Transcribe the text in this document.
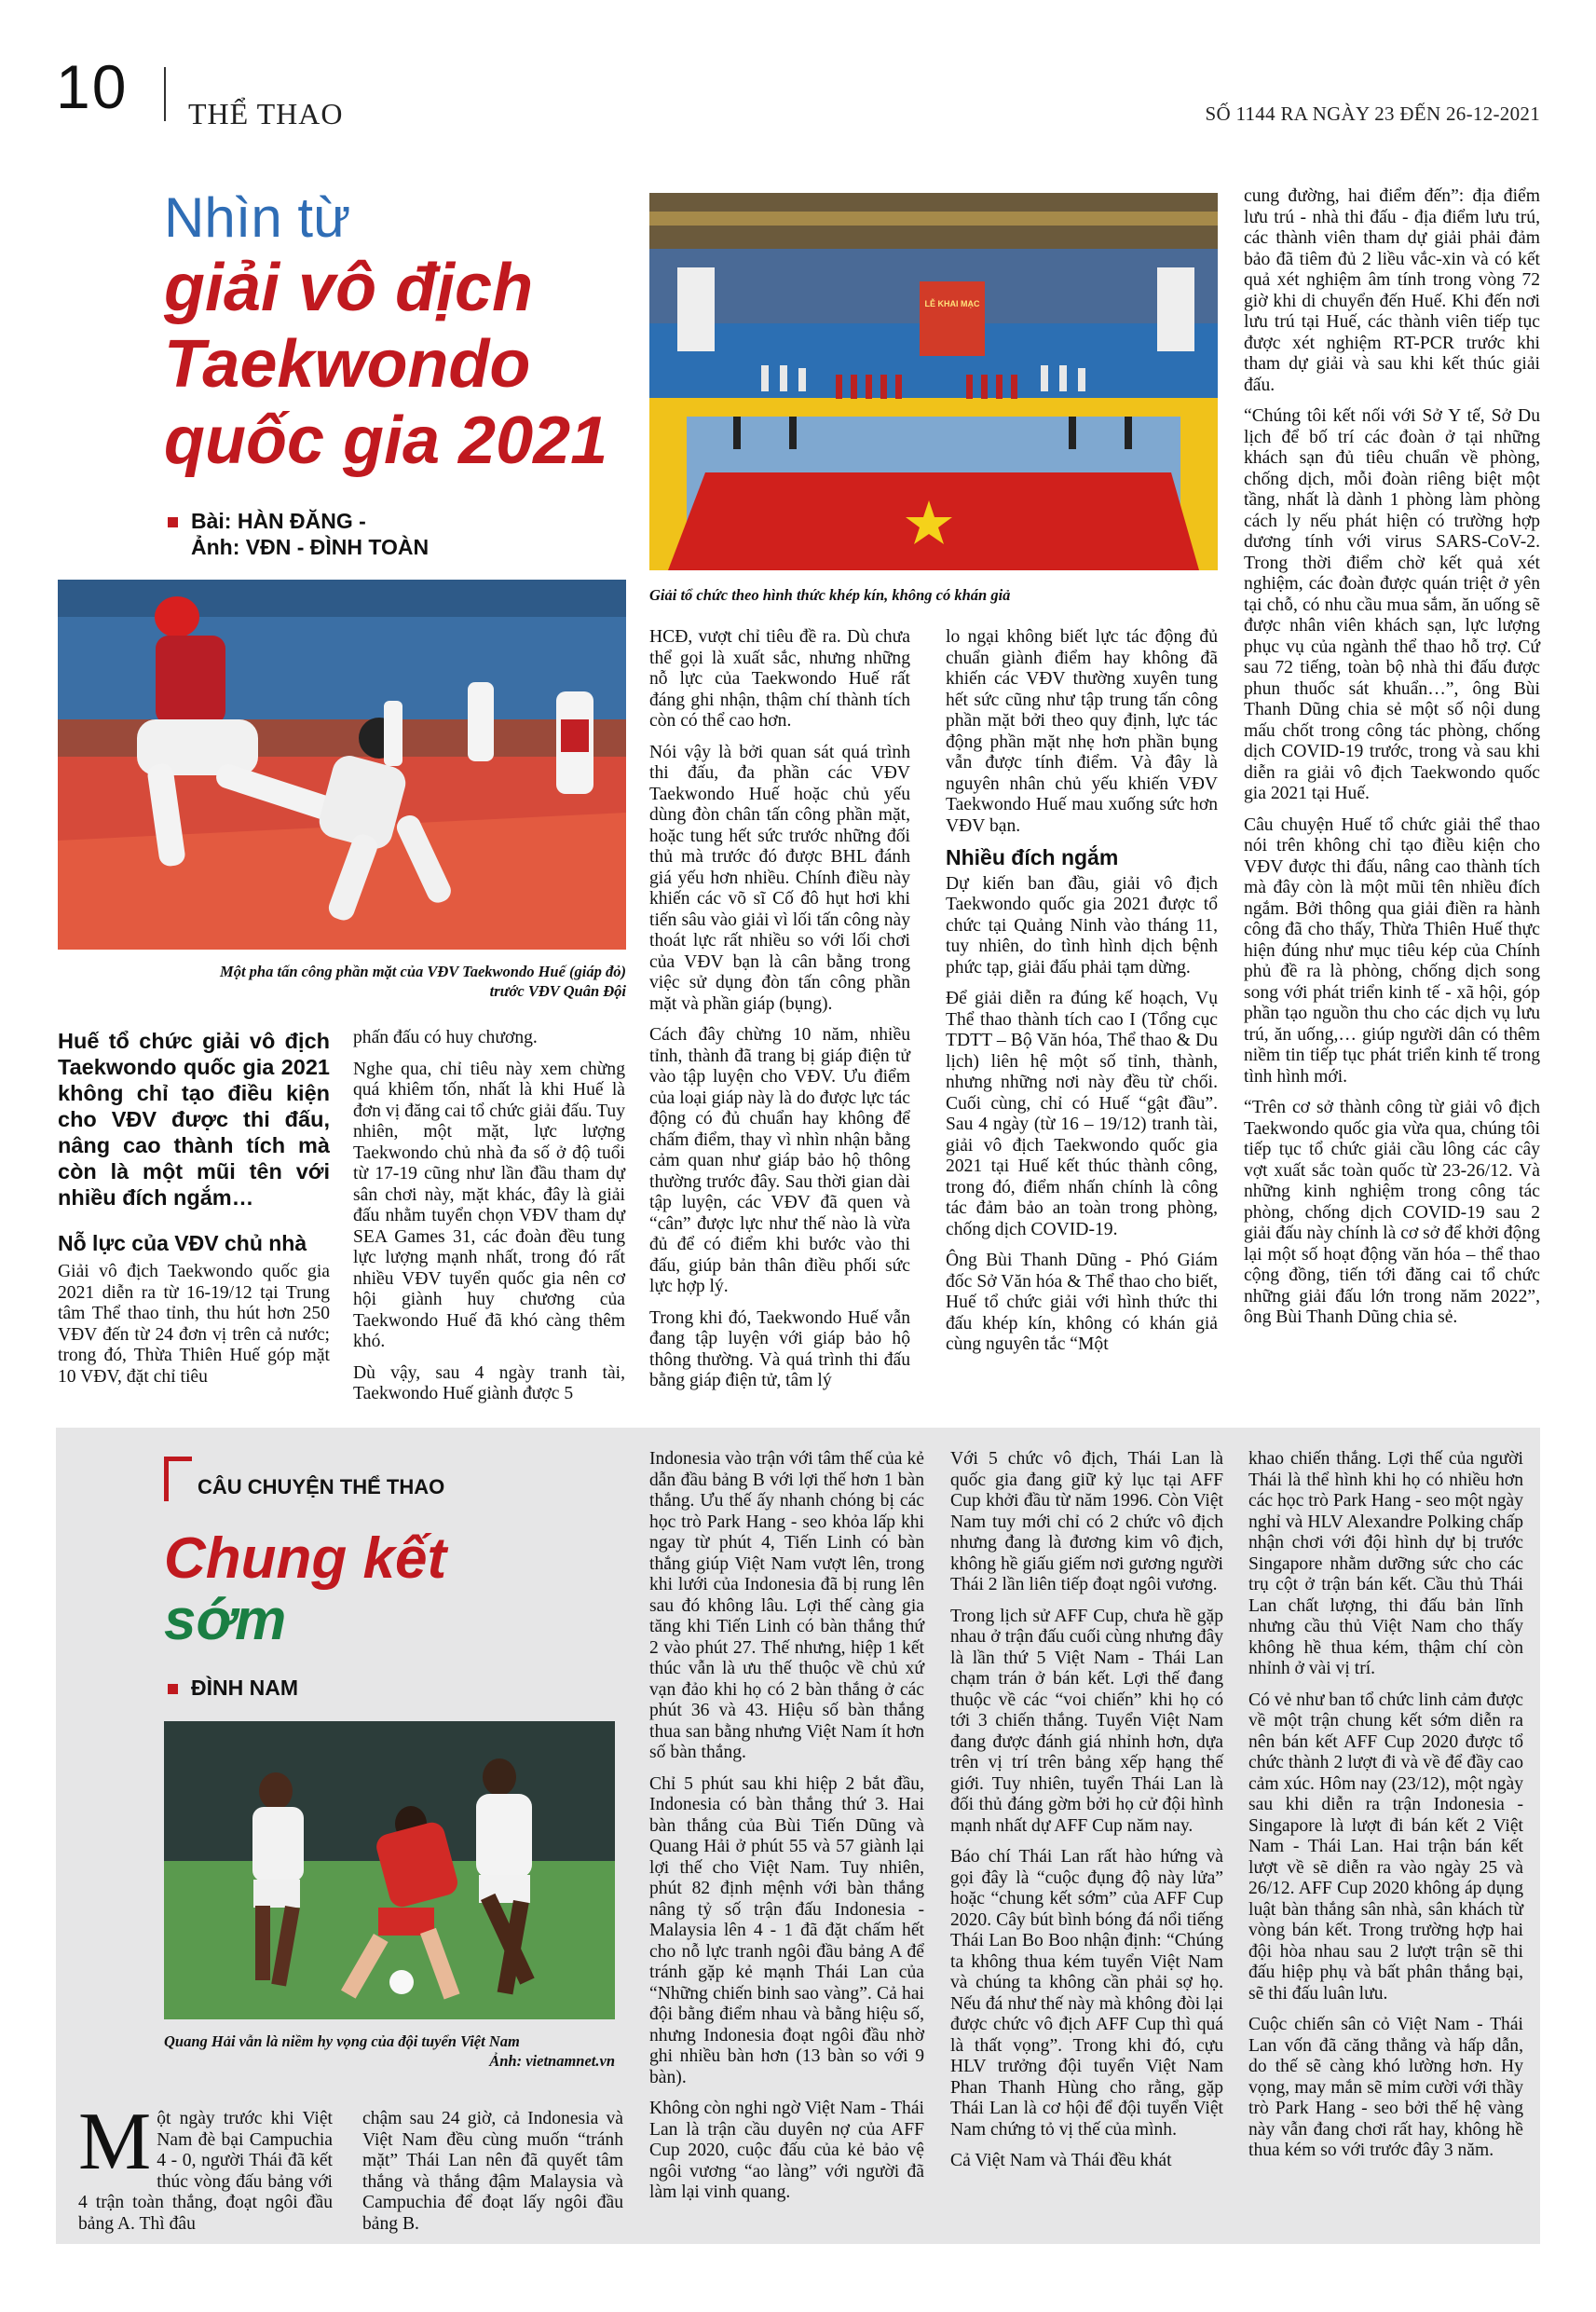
10 THỂ THAO	SỐ 1144 RA NGÀY 23 ĐẾN 26-12-2021
Nhìn từ
giải vô địch
Taekwondo
quốc gia 2021
Bài: HÀN ĐĂNG -
Ảnh: VĐN - ĐÌNH TOÀN
LỄ KHAI MẠC
Giải tổ chức theo hình thức khép kín, không có khán giả
Một pha tấn công phần mặt của VĐV Taekwondo Huế (giáp đỏ)
trước VĐV Quân Đội
Huế tổ chức giải vô địch Taekwondo quốc gia 2021 không chỉ tạo điều kiện cho VĐV được thi đấu, nâng cao thành tích mà còn là một mũi tên với nhiều đích ngắm…
Nỗ lực của VĐV chủ nhà

Giải vô địch Taekwondo quốc gia 2021 diễn ra từ 16-19/12 tại Trung tâm Thể thao tỉnh, thu hút hơn 250 VĐV đến từ 24 đơn vị trên cả nước; trong đó, Thừa Thiên Huế góp mặt 10 VĐV, đặt chỉ tiêu

phấn đấu có huy chương.

Nghe qua, chỉ tiêu này xem chừng quá khiêm tốn, nhất là khi Huế là đơn vị đăng cai tổ chức giải đấu. Tuy nhiên, một mặt, lực lượng Taekwondo chủ nhà đa số ở độ tuổi từ 17-19 cũng như lần đầu tham dự sân chơi này, mặt khác, đây là giải đấu nhằm tuyển chọn VĐV tham dự SEA Games 31, các đoàn đều tung lực lượng mạnh nhất, trong đó rất nhiều VĐV tuyển quốc gia nên cơ hội giành huy chương của Taekwondo Huế đã khó càng thêm khó.

Dù vậy, sau 4 ngày tranh tài, Taekwondo Huế giành được 5

HCĐ, vượt chỉ tiêu đề ra. Dù chưa thể gọi là xuất sắc, nhưng những nỗ lực của Taekwondo Huế rất đáng ghi nhận, thậm chí thành tích còn có thể cao hơn.

Nói vậy là bởi quan sát quá trình thi đấu, đa phần các VĐV Taekwondo Huế hoặc chủ yếu dùng đòn chân tấn công phần mặt, hoặc tung hết sức trước những đối thủ mà trước đó được BHL đánh giá yếu hơn nhiều. Chính điều này khiến các võ sĩ Cố đô hụt hơi khi tiến sâu vào giải vì lối tấn công này thoát lực rất nhiều so với lối chơi của VĐV bạn là cân bằng trong việc sử dụng đòn tấn công phần mặt và phần giáp (bụng).

Cách đây chừng 10 năm, nhiều tỉnh, thành đã trang bị giáp điện tử vào tập luyện cho VĐV. Ưu điểm của loại giáp này là do được lực tác động có đủ chuẩn hay không để chấm điểm, thay vì nhìn nhận bằng cảm quan như giáp bảo hộ thông thường trước đây. Sau thời gian dài tập luyện, các VĐV đã quen và “cân” được lực như thế nào là vừa đủ để có điểm khi bước vào thi đấu, giúp bản thân điều phối sức lực hợp lý.

Trong khi đó, Taekwondo Huế vẫn đang tập luyện với giáp bảo hộ thông thường. Và quá trình thi đấu bằng giáp điện tử, tâm lý

lo ngại không biết lực tác động đủ chuẩn giành điểm hay không đã khiến các VĐV thường xuyên tung hết sức cũng như tập trung tấn công phần mặt bởi theo quy định, lực tác động phần mặt nhẹ hơn phần bụng vẫn được tính điểm. Và đây là nguyên nhân chủ yếu khiến VĐV Taekwondo Huế mau xuống sức hơn VĐV bạn.

Nhiều đích ngắm

Dự kiến ban đầu, giải vô địch Taekwondo quốc gia 2021 được tổ chức tại Quảng Ninh vào tháng 11, tuy nhiên, do tình hình dịch bệnh phức tạp, giải đấu phải tạm dừng.

Để giải diễn ra đúng kế hoạch, Vụ Thể thao thành tích cao I (Tổng cục TDTT – Bộ Văn hóa, Thể thao & Du lịch) liên hệ một số tỉnh, thành, nhưng những nơi này đều từ chối. Cuối cùng, chỉ có Huế “gật đầu”. Sau 4 ngày (từ 16 – 19/12) tranh tài, giải vô địch Taekwondo quốc gia 2021 tại Huế kết thúc thành công, trong đó, điểm nhấn chính là công tác đảm bảo an toàn trong phòng, chống dịch COVID-19.

Ông Bùi Thanh Dũng - Phó Giám đốc Sở Văn hóa & Thể thao cho biết, Huế tổ chức giải với hình thức thi đấu khép kín, không có khán giả cùng nguyên tắc “Một

cung đường, hai điểm đến”: địa điểm lưu trú - nhà thi đấu - địa điểm lưu trú, các thành viên tham dự giải phải đảm bảo đã tiêm đủ 2 liều vắc-xin và có kết quả xét nghiệm âm tính trong vòng 72 giờ khi di chuyển đến Huế. Khi đến nơi lưu trú tại Huế, các thành viên tiếp tục được xét nghiệm RT-PCR trước khi tham dự giải và sau khi kết thúc giải đấu.

“Chúng tôi kết nối với Sở Y tế, Sở Du lịch để bố trí các đoàn ở tại những khách sạn đủ tiêu chuẩn về phòng, chống dịch, mỗi đoàn riêng biệt một tầng, nhất là dành 1 phòng làm phòng cách ly nếu phát hiện có trường hợp dương tính với virus SARS-CoV-2. Trong thời điểm chờ kết quả xét nghiệm, các đoàn được quán triệt ở yên tại chỗ, có nhu cầu mua sắm, ăn uống sẽ được nhân viên khách sạn, lực lượng phục vụ của ngành thể thao hỗ trợ. Cứ sau 72 tiếng, toàn bộ nhà thi đấu được phun thuốc sát khuẩn…”, ông Bùi Thanh Dũng chia sẻ một số nội dung mấu chốt trong công tác phòng, chống dịch COVID-19 trước, trong và sau khi diễn ra giải vô địch Taekwondo quốc gia 2021 tại Huế.

Câu chuyện Huế tổ chức giải thể thao nói trên không chỉ tạo điều kiện cho VĐV được thi đấu, nâng cao thành tích mà đây còn là một mũi tên nhiều đích ngắm. Bởi thông qua giải điền ra hành công đã cho thấy, Thừa Thiên Huế thực hiện đúng như mục tiêu kép của Chính phủ đề ra là phòng, chống dịch song song với phát triển kinh tế - xã hội, góp phần tạo nguồn thu cho các dịch vụ lưu trú, ăn uống,… giúp người dân có thêm niềm tin tiếp tục phát triển kinh tế trong tình hình mới.

“Trên cơ sở thành công từ giải vô địch Taekwondo quốc gia vừa qua, chúng tôi tiếp tục tổ chức giải cầu lông các cây vợt xuất sắc toàn quốc từ 23-26/12. Và những kinh nghiệm trong công tác phòng, chống dịch COVID-19 sau 2 giải đấu này chính là cơ sở để khởi động lại một số hoạt động văn hóa – thể thao cộng đồng, tiến tới đăng cai tổ chức những giải đấu lớn trong năm 2022”, ông Bùi Thanh Dũng chia sẻ.

CÂU CHUYỆN THỂ THAO
Chung kết
sớm
ĐÌNH NAM
Quang Hải vẫn là niềm hy vọng của đội tuyển Việt Nam
Ảnh: vietnamnet.vn
M ột ngày trước khi Việt Nam đè bại Campuchia 4 - 0, người Thái đã kết thúc vòng đấu bảng với 4 trận toàn thắng, đoạt ngôi đầu bảng A. Thì đâu

chậm sau 24 giờ, cả Indonesia và Việt Nam đều cùng muốn “tránh mặt” Thái Lan nên đã quyết tâm thắng và thắng đậm Malaysia và Campuchia để đoạt lấy ngôi đầu bảng B.

Indonesia vào trận với tâm thế của kẻ dẫn đầu bảng B với lợi thế hơn 1 bàn thắng. Ưu thế ấy nhanh chóng bị các học trò Park Hang - seo khỏa lấp khi ngay từ phút 4, Tiến Linh có bàn thắng giúp Việt Nam vượt lên, trong khi lưới của Indonesia đã bị rung lên sau đó không lâu. Lợi thế càng gia tăng khi Tiến Linh có bàn thắng thứ 2 vào phút 27. Thế nhưng, hiệp 1 kết thúc vẫn là ưu thế thuộc về chủ xứ vạn đảo khi họ có 2 bàn thắng ở các phút 36 và 43. Hiệu số bàn thắng thua san bằng nhưng Việt Nam ít hơn số bàn thắng.

Chỉ 5 phút sau khi hiệp 2 bắt đầu, Indonesia có bàn thắng thứ 3. Hai bàn thắng của Bùi Tiến Dũng và Quang Hải ở phút 55 và 57 giành lại lợi thế cho Việt Nam. Tuy nhiên, phút 82 định mệnh với bàn thắng nâng tỷ số trận đấu Indonesia - Malaysia lên 4 - 1 đã đặt chấm hết cho nỗ lực tranh ngôi đầu bảng A để tránh gặp kẻ mạnh Thái Lan của “Những chiến binh sao vàng”. Cả hai đội bằng điểm nhau và bằng hiệu số, nhưng Indonesia đoạt ngôi đầu nhờ ghi nhiều bàn hơn (13 bàn so với 9 bàn).

Không còn nghi ngờ Việt Nam - Thái Lan là trận cầu duyên nợ của AFF Cup 2020, cuộc đấu của kẻ bảo vệ ngôi vương “ao làng” với người đã làm lại vinh quang.

Với 5 chức vô địch, Thái Lan là quốc gia đang giữ kỷ lục tại AFF Cup khởi đầu từ năm 1996. Còn Việt Nam tuy mới chỉ có 2 chức vô địch nhưng đang là đương kim vô địch, không hề giấu giếm nơi gương người Thái 2 lần liên tiếp đoạt ngôi vương.

Trong lịch sử AFF Cup, chưa hề gặp nhau ở trận đấu cuối cùng nhưng đây là lần thứ 5 Việt Nam - Thái Lan chạm trán ở bán kết. Lợi thế đang thuộc về các “voi chiến” khi họ có tới 3 chiến thắng. Tuyển Việt Nam đang được đánh giá nhỉnh hơn, dựa trên vị trí trên bảng xếp hạng thế giới. Tuy nhiên, tuyển Thái Lan là đối thủ đáng gờm bởi họ cử đội hình mạnh nhất dự AFF Cup năm nay.

Báo chí Thái Lan rất hào hứng và gọi đây là “cuộc đụng độ này lửa” hoặc “chung kết sớm” của AFF Cup 2020. Cây bút bình bóng đá nổi tiếng Thái Lan Bo Boo nhận định: “Chúng ta không thua kém tuyển Việt Nam và chúng ta không cần phải sợ họ. Nếu đá như thế này mà không đòi lại được chức vô địch AFF Cup thì quá là thất vọng”. Trong khi đó, cựu HLV trưởng đội tuyển Việt Nam Phan Thanh Hùng cho rằng, gặp Thái Lan là cơ hội để đội tuyển Việt Nam chứng tỏ vị thế của mình.

Cả Việt Nam và Thái đều khát

khao chiến thắng. Lợi thế của người Thái là thể hình khi họ có nhiều hơn các học trò Park Hang - seo một ngày nghỉ và HLV Alexandre Polking chấp nhận chơi với đội hình dự bị trước Singapore nhằm dưỡng sức cho các trụ cột ở trận bán kết. Cầu thủ Thái Lan chất lượng, thi đấu bản lĩnh nhưng cầu thủ Việt Nam cho thấy không hề thua kém, thậm chí còn nhỉnh ở vài vị trí.

Có vẻ như ban tổ chức linh cảm được về một trận chung kết sớm diễn ra nên bán kết AFF Cup 2020 được tổ chức thành 2 lượt đi và về để đầy cao cảm xúc. Hôm nay (23/12), một ngày sau khi diễn ra trận Indonesia - Singapore là lượt đi bán kết 2 Việt Nam - Thái Lan. Hai trận bán kết lượt về sẽ diễn ra vào ngày 25 và 26/12. AFF Cup 2020 không áp dụng luật bàn thắng sân nhà, sân khách từ vòng bán kết. Trong trường hợp hai đội hòa nhau sau 2 lượt trận sẽ thi đấu hiệp phụ và bất phân thắng bại, sẽ thi đấu luân lưu.

Cuộc chiến sân cỏ Việt Nam - Thái Lan vốn đã căng thẳng và hấp dẫn, do thế sẽ càng khó lường hơn. Hy vọng, may mắn sẽ mỉm cười với thầy trò Park Hang - seo bởi thế hệ vàng này vẫn đang chơi rất hay, không hề thua kém so với trước đây 3 năm.
